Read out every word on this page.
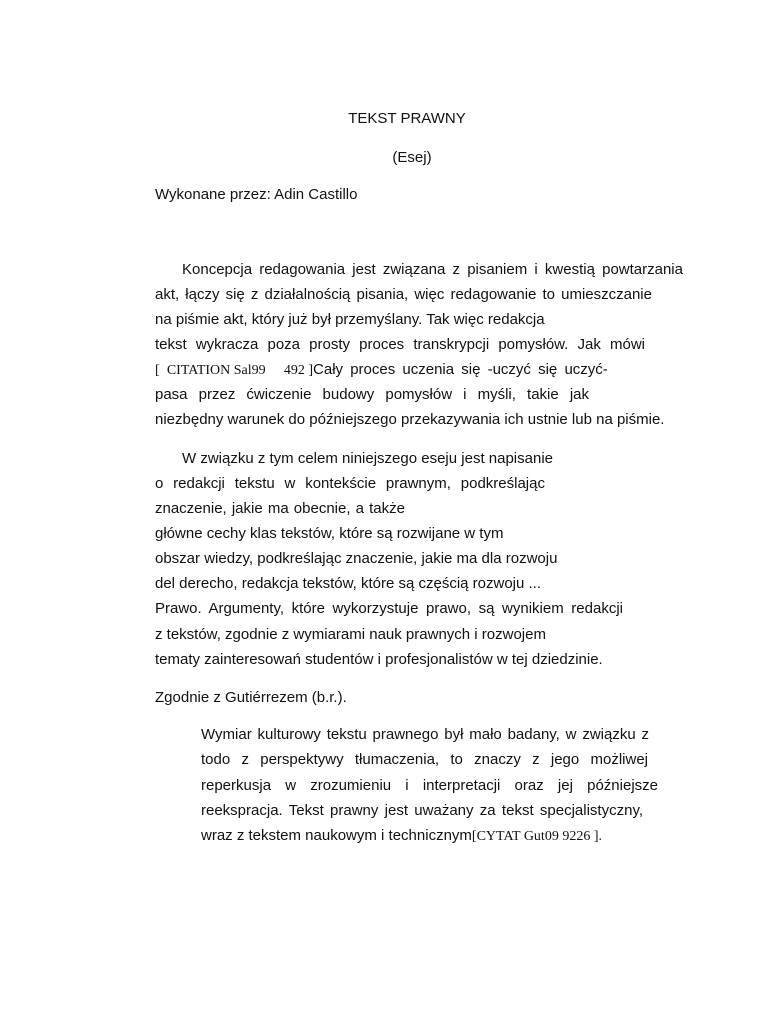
TEKST PRAWNY
(Esej)
Wykonane przez: Adin Castillo
Koncepcja redagowania jest związana z pisaniem i kwestią powtarzania
akt, łączy się z działalnością pisania, więc redagowanie to umieszczanie
na piśmie akt, który już był przemyślany. Tak więc redakcja
tekst wykracza poza prosty proces transkrypcji pomysłów. Jak mówi
[ CITATION Sal99 492 ]Cały proces uczenia się -uczyć się uczyć-
pasa przez ćwiczenie budowy pomysłów i myśli, takie jak
niezbędny warunek do późniejszego przekazywania ich ustnie lub na piśmie.
W związku z tym celem niniejszego eseju jest napisanie
o redakcji tekstu w kontekście prawnym, podkreślając
znaczenie, jakie ma obecnie, a także
główne cechy klas tekstów, które są rozwijane w tym
obszar wiedzy, podkreślając znaczenie, jakie ma dla rozwoju
del derecho, redakcja tekstów, które są częścią rozwoju ...
Prawo. Argumenty, które wykorzystuje prawo, są wynikiem redakcji
z tekstów, zgodnie z wymiarami nauk prawnych i rozwojem
tematy zainteresowań studentów i profesjonalistów w tej dziedzinie.
Zgodnie z Gutiérrezem (b.r.).
Wymiar kulturowy tekstu prawnego był mało badany, w związku z
todo z perspektywy tłumaczenia, to znaczy z jego możliwej
reperkusja w zrozumieniu i interpretacji oraz jej późniejsze
reekspracja. Tekst prawny jest uważany za tekst specjalistyczny,
wraz z tekstem naukowym i technicznym[CYTAT Gut09 9226 ].
